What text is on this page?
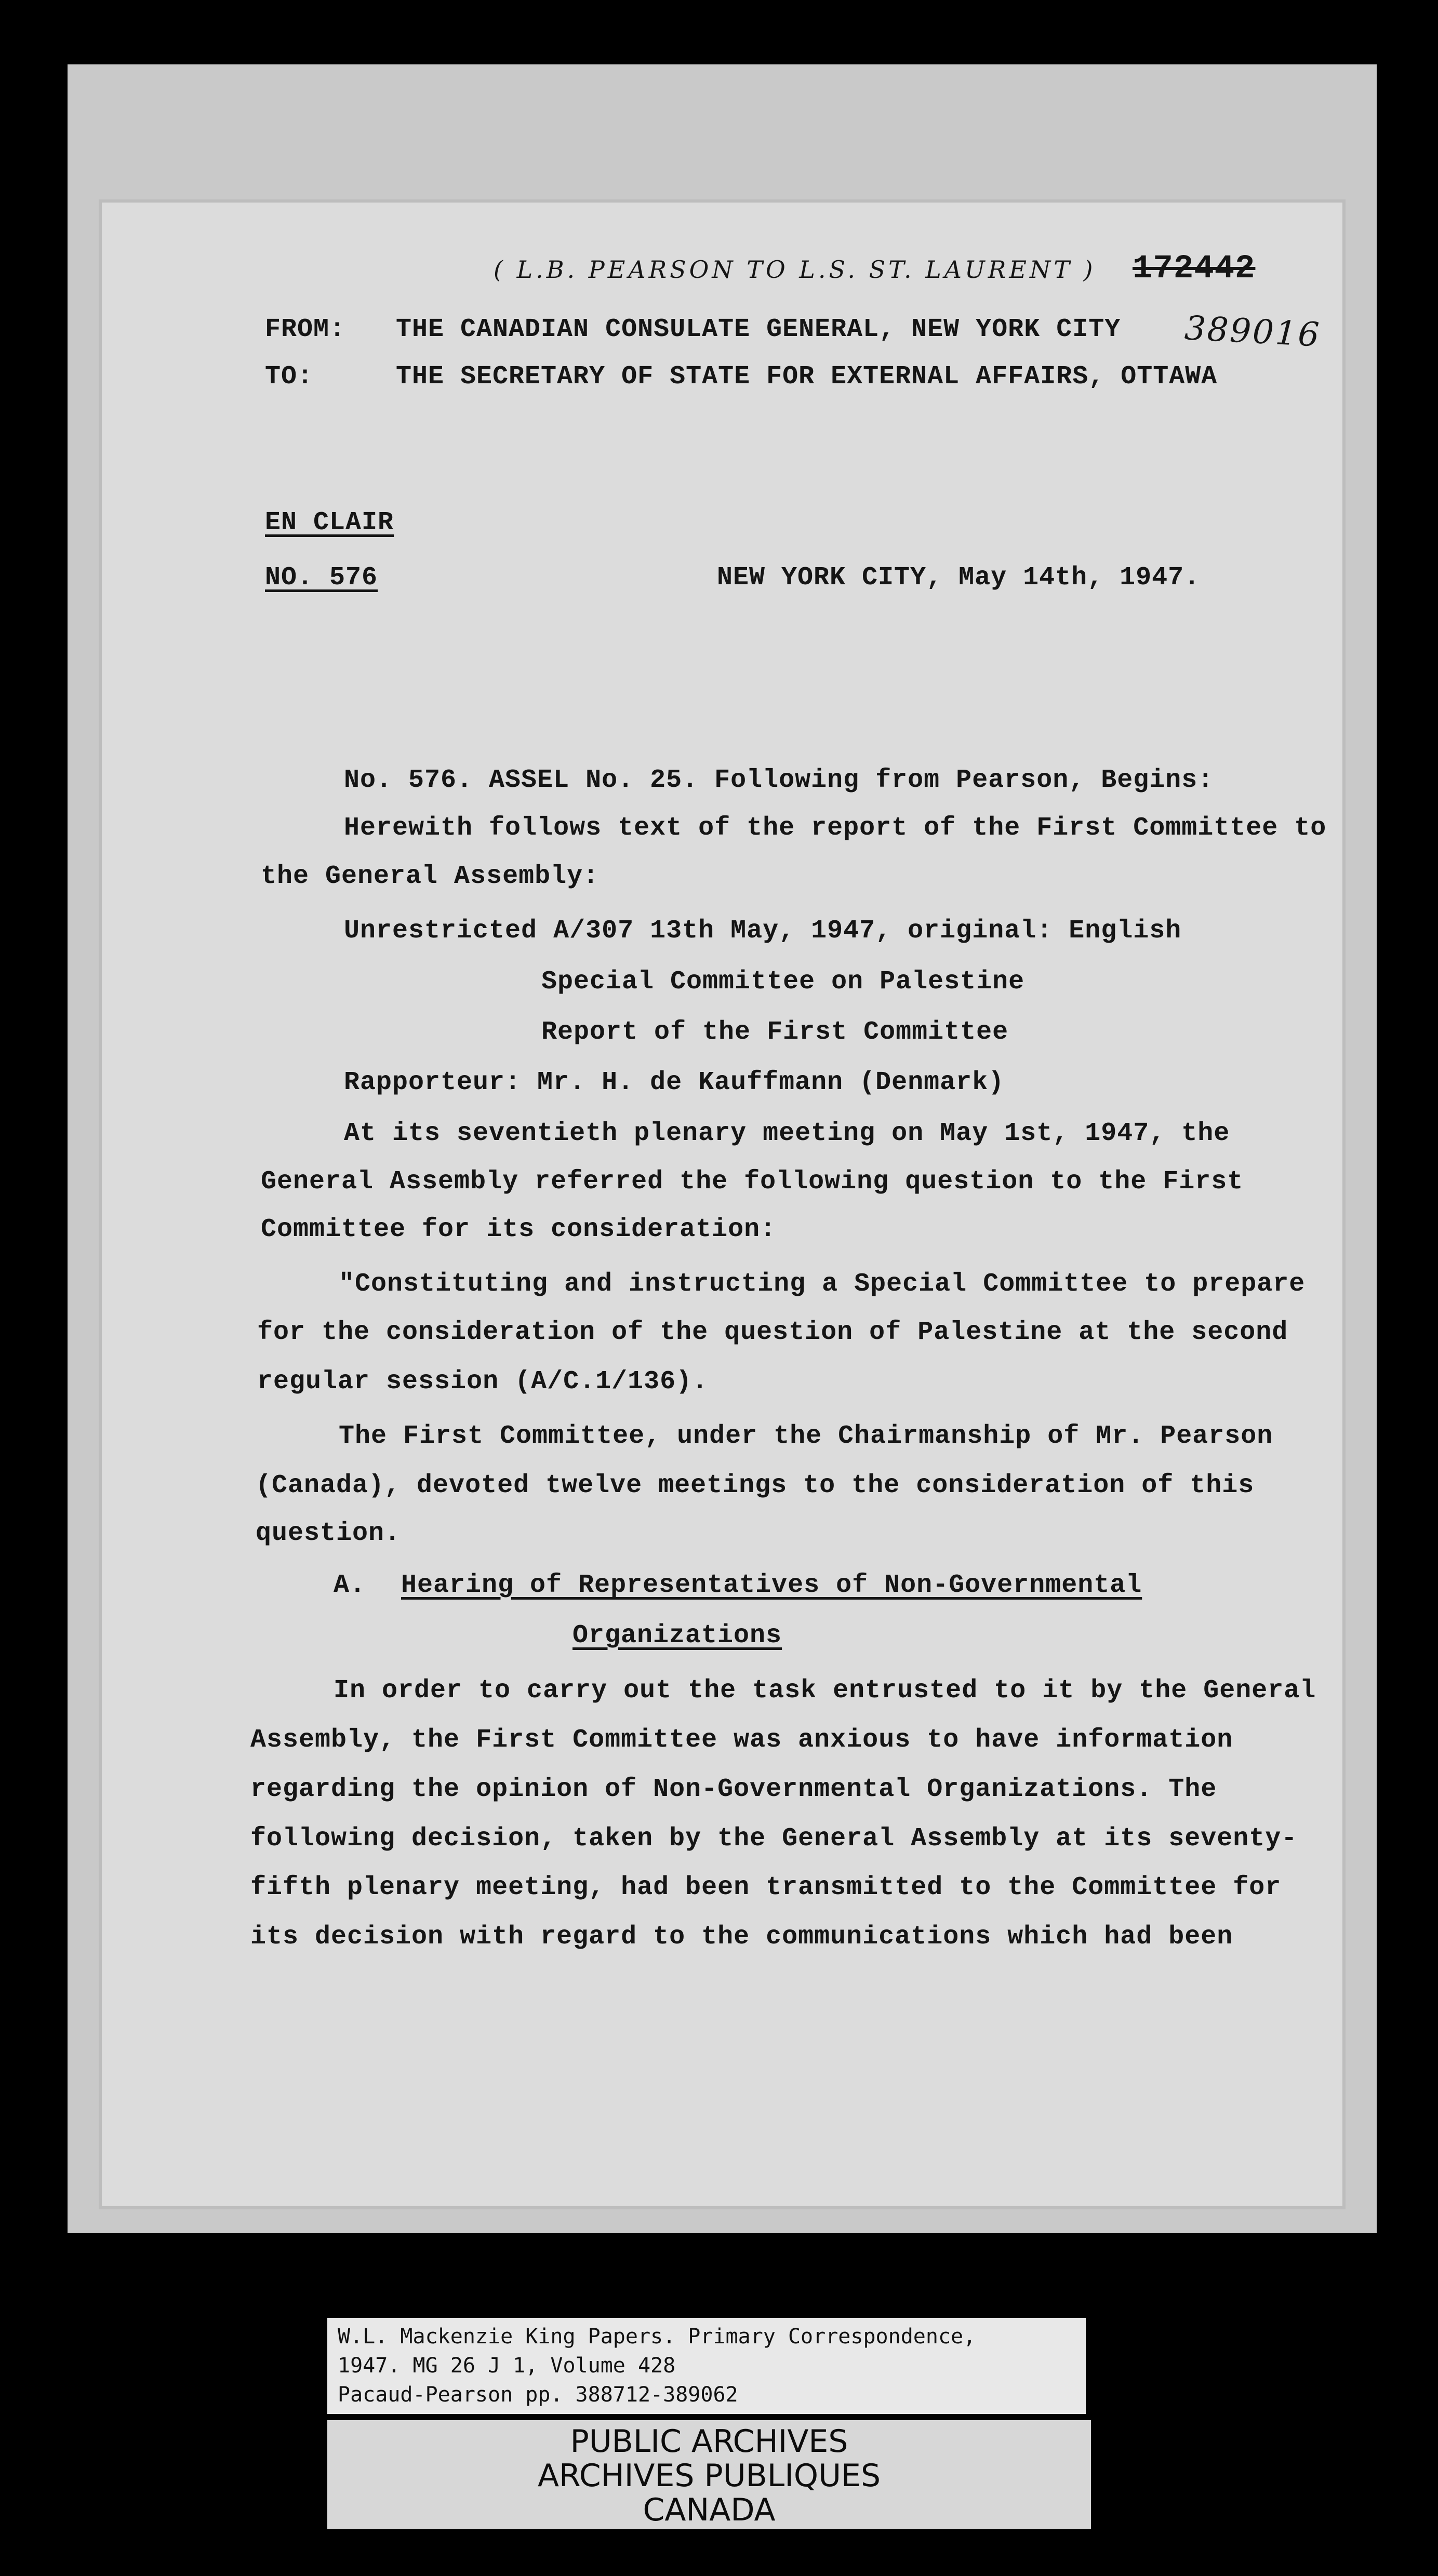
( L.B. PEARSON TO L.S. ST. LAURENT ) 172442
389016
FROM: THE CANADIAN CONSULATE GENERAL, NEW YORK CITY
TO:	THE SECRETARY OF STATE FOR EXTERNAL AFFAIRS, OTTAWA
EN CLAIR
NO. 576	NEW YORK CITY, May 14th, 1947.
No. 576. ASSEL No. 25. Following from Pearson, Begins:
Herewith follows text of the report of the First Committee to
the General Assembly:
Unrestricted A/307 13th May, 1947, original: English
Special Committee on Palestine
Report of the First Committee
Rapporteur: Mr. H. de Kauffmann (Denmark)
At its seventieth plenary meeting on May 1st, 1947, the
General Assembly referred the following question to the First
Committee for its consideration:
"Constituting and instructing a Special Committee to prepare
for the consideration of the question of Palestine at the second
regular session (A/C.1/136).
The First Committee, under the Chairmanship of Mr. Pearson
(Canada), devoted twelve meetings to the consideration of this
question.
A. Hearing of Representatives of Non-Governmental
Organizations
In order to carry out the task entrusted to it by the General
Assembly, the First Committee was anxious to have information
regarding the opinion of Non-Governmental Organizations. The
following decision, taken by the General Assembly at its seventy-
fifth plenary meeting, had been transmitted to the Committee for
its decision with regard to the communications which had been
W.L. Mackenzie King Papers. Primary Correspondence,
1947. MG 26 J 1, Volume 428
Pacaud-Pearson pp. 388712-389062
PUBLIC ARCHIVES
ARCHIVES PUBLIQUES
CANADA
